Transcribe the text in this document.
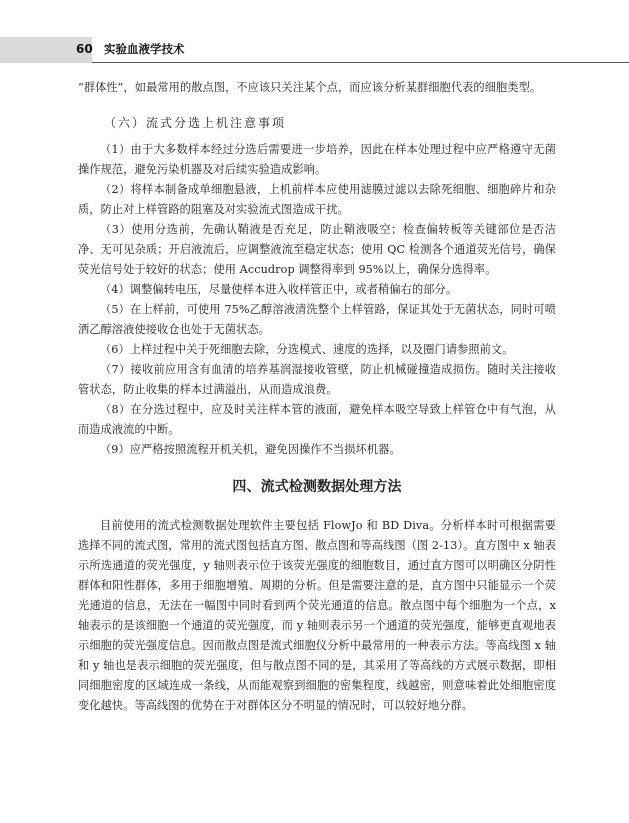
60 实验血液学技术

“群体性”，如最常用的散点图，不应该只关注某个点，而应该分析某群细胞代表的细胞类型。

（六）流式分选上机注意事项

（1）由于大多数样本经过分选后需要进一步培养，因此在样本处理过程中应严格遵守无菌操作规范，避免污染机器及对后续实验造成影响。

（2）将样本制备成单细胞悬液，上机前样本应使用滤膜过滤以去除死细胞、细胞碎片和杂质，防止对上样管路的阻塞及对实验流式图造成干扰。

（3）使用分选前，先确认鞘液是否充足，防止鞘液吸空；检查偏转板等关键部位是否洁净、无可见杂质；开启液流后，应调整液流至稳定状态；使用 QC 检测各个通道荧光信号，确保荧光信号处于较好的状态；使用 Accudrop 调整得率到 95%以上，确保分选得率。

（4）调整偏转电压，尽量使样本进入收样管正中，或者稍偏右的部分。

（5）在上样前，可使用 75%乙醇溶液清洗整个上样管路，保证其处于无菌状态，同时可喷洒乙醇溶液使接收仓也处于无菌状态。

（6）上样过程中关于死细胞去除，分选模式、速度的选择，以及圈门请参照前文。

（7）接收前应用含有血清的培养基润湿接收管壁，防止机械碰撞造成损伤。随时关注接收管状态，防止收集的样本过满溢出，从而造成浪费。

（8）在分选过程中，应及时关注样本管的液面，避免样本吸空导致上样管仓中有气泡，从而造成液流的中断。

（9）应严格按照流程开机关机，避免因操作不当损坏机器。

四、流式检测数据处理方法

目前使用的流式检测数据处理软件主要包括 FlowJo 和 BD Diva。分析样本时可根据需要选择不同的流式图，常用的流式图包括直方图、散点图和等高线图（图 2-13）。直方图中 x 轴表示所选通道的荧光强度，y 轴则表示位于该荧光强度的细胞数目，通过直方图可以明确区分阴性群体和阳性群体，多用于细胞增殖、周期的分析。但是需要注意的是，直方图中只能显示一个荧光通道的信息，无法在一幅图中同时看到两个荧光通道的信息。散点图中每个细胞为一个点，x 轴表示的是该细胞一个通道的荧光强度，而 y 轴则表示另一个通道的荧光强度，能够更直观地表示细胞的荧光强度信息。因而散点图是流式细胞仪分析中最常用的一种表示方法。等高线图 x 轴和 y 轴也是表示细胞的荧光强度，但与散点图不同的是，其采用了等高线的方式展示数据，即相同细胞密度的区域连成一条线，从而能观察到细胞的密集程度，线越密，则意味着此处细胞密度变化越快。等高线图的优势在于对群体区分不明显的情况时，可以较好地分群。
